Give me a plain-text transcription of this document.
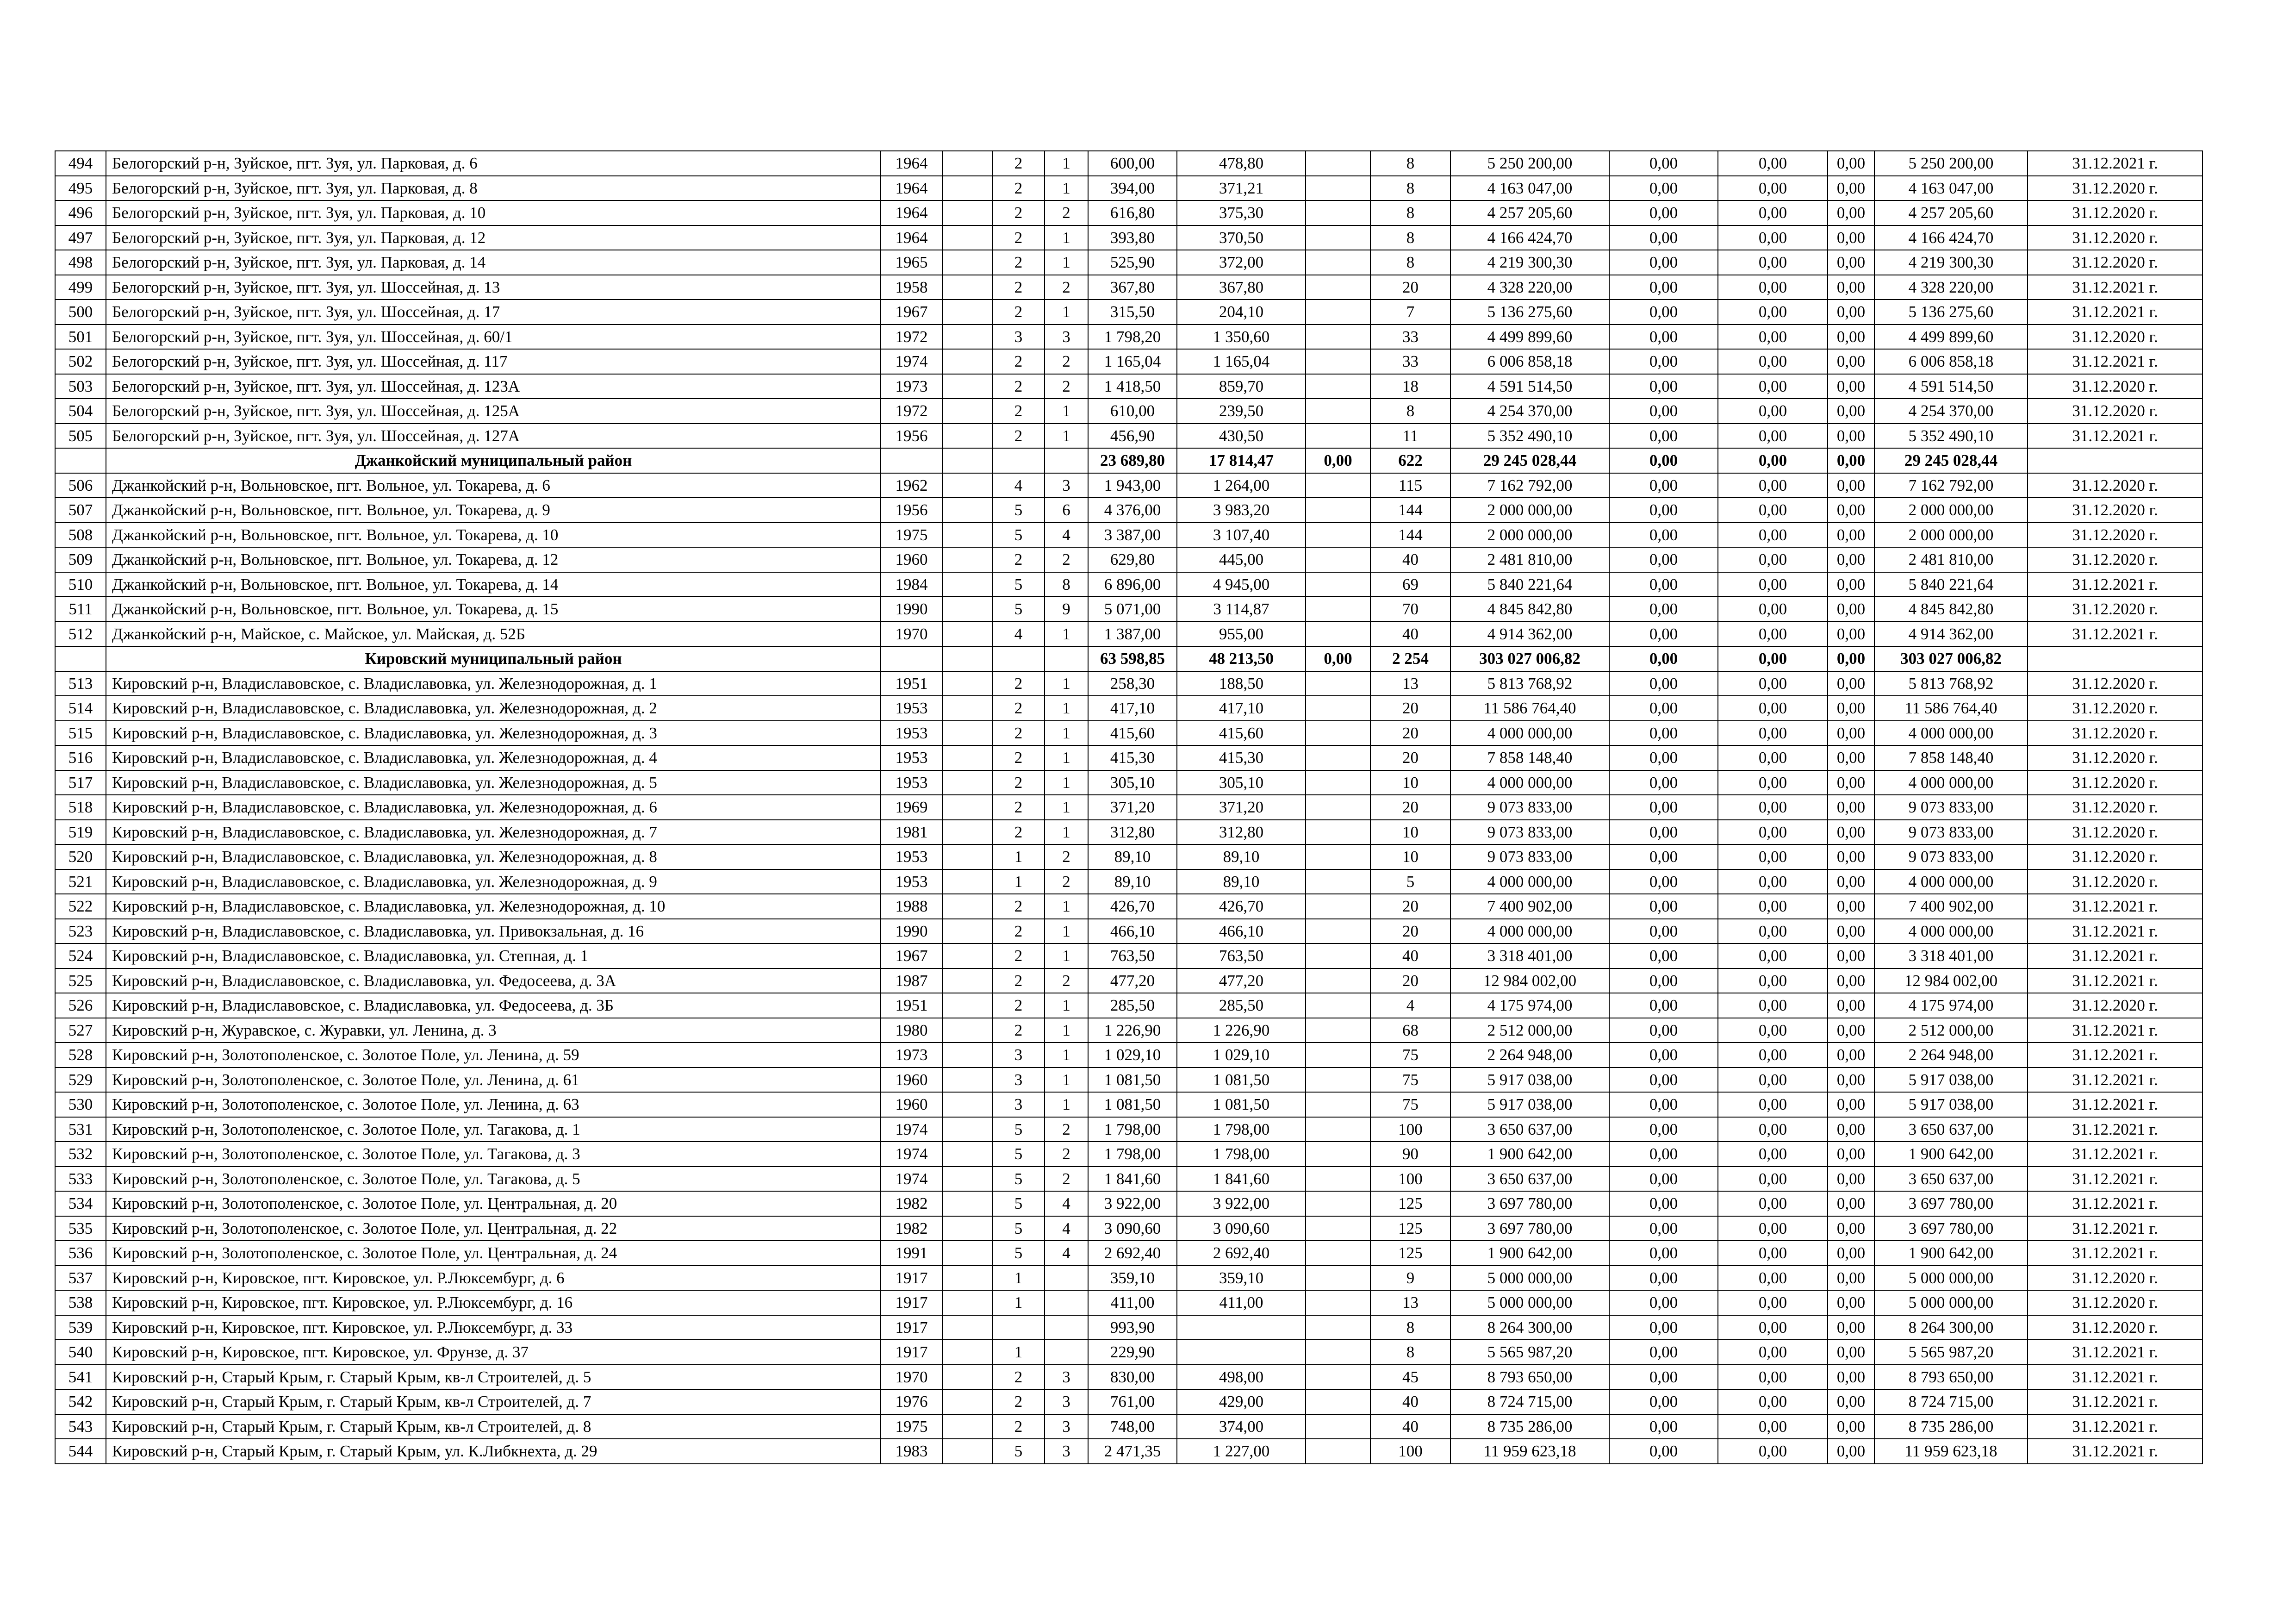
494	Белогорский р-н, Зуйское, пгт. Зуя, ул. Парковая, д. 6	1964		2	1	600,00	478,80		8	5 250 200,00	0,00	0,00	0,00	5 250 200,00	31.12.2021 г.
495	Белогорский р-н, Зуйское, пгт. Зуя, ул. Парковая, д. 8	1964		2	1	394,00	371,21		8	4 163 047,00	0,00	0,00	0,00	4 163 047,00	31.12.2020 г.
496	Белогорский р-н, Зуйское, пгт. Зуя, ул. Парковая, д. 10	1964		2	2	616,80	375,30		8	4 257 205,60	0,00	0,00	0,00	4 257 205,60	31.12.2020 г.
497	Белогорский р-н, Зуйское, пгт. Зуя, ул. Парковая, д. 12	1964		2	1	393,80	370,50		8	4 166 424,70	0,00	0,00	0,00	4 166 424,70	31.12.2020 г.
498	Белогорский р-н, Зуйское, пгт. Зуя, ул. Парковая, д. 14	1965		2	1	525,90	372,00		8	4 219 300,30	0,00	0,00	0,00	4 219 300,30	31.12.2020 г.
499	Белогорский р-н, Зуйское, пгт. Зуя, ул. Шоссейная, д. 13	1958		2	2	367,80	367,80		20	4 328 220,00	0,00	0,00	0,00	4 328 220,00	31.12.2021 г.
500	Белогорский р-н, Зуйское, пгт. Зуя, ул. Шоссейная, д. 17	1967		2	1	315,50	204,10		7	5 136 275,60	0,00	0,00	0,00	5 136 275,60	31.12.2021 г.
501	Белогорский р-н, Зуйское, пгт. Зуя, ул. Шоссейная, д. 60/1	1972		3	3	1 798,20	1 350,60		33	4 499 899,60	0,00	0,00	0,00	4 499 899,60	31.12.2020 г.
502	Белогорский р-н, Зуйское, пгт. Зуя, ул. Шоссейная, д. 117	1974		2	2	1 165,04	1 165,04		33	6 006 858,18	0,00	0,00	0,00	6 006 858,18	31.12.2021 г.
503	Белогорский р-н, Зуйское, пгт. Зуя, ул. Шоссейная, д. 123А	1973		2	2	1 418,50	859,70		18	4 591 514,50	0,00	0,00	0,00	4 591 514,50	31.12.2020 г.
504	Белогорский р-н, Зуйское, пгт. Зуя, ул. Шоссейная, д. 125А	1972		2	1	610,00	239,50		8	4 254 370,00	0,00	0,00	0,00	4 254 370,00	31.12.2020 г.
505	Белогорский р-н, Зуйское, пгт. Зуя, ул. Шоссейная, д. 127А	1956		2	1	456,90	430,50		11	5 352 490,10	0,00	0,00	0,00	5 352 490,10	31.12.2021 г.
	Джанкойский муниципальный район					23 689,80	17 814,47	0,00	622	29 245 028,44	0,00	0,00	0,00	29 245 028,44	
506	Джанкойский р-н, Вольновское, пгт. Вольное, ул. Токарева, д. 6	1962		4	3	1 943,00	1 264,00		115	7 162 792,00	0,00	0,00	0,00	7 162 792,00	31.12.2020 г.
507	Джанкойский р-н, Вольновское, пгт. Вольное, ул. Токарева, д. 9	1956		5	6	4 376,00	3 983,20		144	2 000 000,00	0,00	0,00	0,00	2 000 000,00	31.12.2020 г.
508	Джанкойский р-н, Вольновское, пгт. Вольное, ул. Токарева, д. 10	1975		5	4	3 387,00	3 107,40		144	2 000 000,00	0,00	0,00	0,00	2 000 000,00	31.12.2020 г.
509	Джанкойский р-н, Вольновское, пгт. Вольное, ул. Токарева, д. 12	1960		2	2	629,80	445,00		40	2 481 810,00	0,00	0,00	0,00	2 481 810,00	31.12.2020 г.
510	Джанкойский р-н, Вольновское, пгт. Вольное, ул. Токарева, д. 14	1984		5	8	6 896,00	4 945,00		69	5 840 221,64	0,00	0,00	0,00	5 840 221,64	31.12.2021 г.
511	Джанкойский р-н, Вольновское, пгт. Вольное, ул. Токарева, д. 15	1990		5	9	5 071,00	3 114,87		70	4 845 842,80	0,00	0,00	0,00	4 845 842,80	31.12.2020 г.
512	Джанкойский р-н, Майское, с. Майское, ул. Майская, д. 52Б	1970		4	1	1 387,00	955,00		40	4 914 362,00	0,00	0,00	0,00	4 914 362,00	31.12.2021 г.
	Кировский муниципальный район					63 598,85	48 213,50	0,00	2 254	303 027 006,82	0,00	0,00	0,00	303 027 006,82	
513	Кировский р-н, Владиславовское, с. Владиславовка, ул. Железнодорожная, д. 1	1951		2	1	258,30	188,50		13	5 813 768,92	0,00	0,00	0,00	5 813 768,92	31.12.2020 г.
514	Кировский р-н, Владиславовское, с. Владиславовка, ул. Железнодорожная, д. 2	1953		2	1	417,10	417,10		20	11 586 764,40	0,00	0,00	0,00	11 586 764,40	31.12.2020 г.
515	Кировский р-н, Владиславовское, с. Владиславовка, ул. Железнодорожная, д. 3	1953		2	1	415,60	415,60		20	4 000 000,00	0,00	0,00	0,00	4 000 000,00	31.12.2020 г.
516	Кировский р-н, Владиславовское, с. Владиславовка, ул. Железнодорожная, д. 4	1953		2	1	415,30	415,30		20	7 858 148,40	0,00	0,00	0,00	7 858 148,40	31.12.2020 г.
517	Кировский р-н, Владиславовское, с. Владиславовка, ул. Железнодорожная, д. 5	1953		2	1	305,10	305,10		10	4 000 000,00	0,00	0,00	0,00	4 000 000,00	31.12.2020 г.
518	Кировский р-н, Владиславовское, с. Владиславовка, ул. Железнодорожная, д. 6	1969		2	1	371,20	371,20		20	9 073 833,00	0,00	0,00	0,00	9 073 833,00	31.12.2020 г.
519	Кировский р-н, Владиславовское, с. Владиславовка, ул. Железнодорожная, д. 7	1981		2	1	312,80	312,80		10	9 073 833,00	0,00	0,00	0,00	9 073 833,00	31.12.2020 г.
520	Кировский р-н, Владиславовское, с. Владиславовка, ул. Железнодорожная, д. 8	1953		1	2	89,10	89,10		10	9 073 833,00	0,00	0,00	0,00	9 073 833,00	31.12.2020 г.
521	Кировский р-н, Владиславовское, с. Владиславовка, ул. Железнодорожная, д. 9	1953		1	2	89,10	89,10		5	4 000 000,00	0,00	0,00	0,00	4 000 000,00	31.12.2020 г.
522	Кировский р-н, Владиславовское, с. Владиславовка, ул. Железнодорожная, д. 10	1988		2	1	426,70	426,70		20	7 400 902,00	0,00	0,00	0,00	7 400 902,00	31.12.2021 г.
523	Кировский р-н, Владиславовское, с. Владиславовка, ул. Привокзальная, д. 16	1990		2	1	466,10	466,10		20	4 000 000,00	0,00	0,00	0,00	4 000 000,00	31.12.2021 г.
524	Кировский р-н, Владиславовское, с. Владиславовка, ул. Степная, д. 1	1967		2	1	763,50	763,50		40	3 318 401,00	0,00	0,00	0,00	3 318 401,00	31.12.2021 г.
525	Кировский р-н, Владиславовское, с. Владиславовка, ул. Федосеева, д. 3А	1987		2	2	477,20	477,20		20	12 984 002,00	0,00	0,00	0,00	12 984 002,00	31.12.2021 г.
526	Кировский р-н, Владиславовское, с. Владиславовка, ул. Федосеева, д. 3Б	1951		2	1	285,50	285,50		4	4 175 974,00	0,00	0,00	0,00	4 175 974,00	31.12.2020 г.
527	Кировский р-н, Журавское, с. Журавки, ул. Ленина, д. 3	1980		2	1	1 226,90	1 226,90		68	2 512 000,00	0,00	0,00	0,00	2 512 000,00	31.12.2021 г.
528	Кировский р-н, Золотополенское, с. Золотое Поле, ул. Ленина, д. 59	1973		3	1	1 029,10	1 029,10		75	2 264 948,00	0,00	0,00	0,00	2 264 948,00	31.12.2021 г.
529	Кировский р-н, Золотополенское, с. Золотое Поле, ул. Ленина, д. 61	1960		3	1	1 081,50	1 081,50		75	5 917 038,00	0,00	0,00	0,00	5 917 038,00	31.12.2021 г.
530	Кировский р-н, Золотополенское, с. Золотое Поле, ул. Ленина, д. 63	1960		3	1	1 081,50	1 081,50		75	5 917 038,00	0,00	0,00	0,00	5 917 038,00	31.12.2021 г.
531	Кировский р-н, Золотополенское, с. Золотое Поле, ул. Тагакова, д. 1	1974		5	2	1 798,00	1 798,00		100	3 650 637,00	0,00	0,00	0,00	3 650 637,00	31.12.2021 г.
532	Кировский р-н, Золотополенское, с. Золотое Поле, ул. Тагакова, д. 3	1974		5	2	1 798,00	1 798,00		90	1 900 642,00	0,00	0,00	0,00	1 900 642,00	31.12.2021 г.
533	Кировский р-н, Золотополенское, с. Золотое Поле, ул. Тагакова, д. 5	1974		5	2	1 841,60	1 841,60		100	3 650 637,00	0,00	0,00	0,00	3 650 637,00	31.12.2021 г.
534	Кировский р-н, Золотополенское, с. Золотое Поле, ул. Центральная, д. 20	1982		5	4	3 922,00	3 922,00		125	3 697 780,00	0,00	0,00	0,00	3 697 780,00	31.12.2021 г.
535	Кировский р-н, Золотополенское, с. Золотое Поле, ул. Центральная, д. 22	1982		5	4	3 090,60	3 090,60		125	3 697 780,00	0,00	0,00	0,00	3 697 780,00	31.12.2021 г.
536	Кировский р-н, Золотополенское, с. Золотое Поле, ул. Центральная, д. 24	1991		5	4	2 692,40	2 692,40		125	1 900 642,00	0,00	0,00	0,00	1 900 642,00	31.12.2021 г.
537	Кировский р-н, Кировское, пгт. Кировское, ул. Р.Люксембург, д. 6	1917		1		359,10	359,10		9	5 000 000,00	0,00	0,00	0,00	5 000 000,00	31.12.2020 г.
538	Кировский р-н, Кировское, пгт. Кировское, ул. Р.Люксембург, д. 16	1917		1		411,00	411,00		13	5 000 000,00	0,00	0,00	0,00	5 000 000,00	31.12.2020 г.
539	Кировский р-н, Кировское, пгт. Кировское, ул. Р.Люксембург, д. 33	1917				993,90			8	8 264 300,00	0,00	0,00	0,00	8 264 300,00	31.12.2020 г.
540	Кировский р-н, Кировское, пгт. Кировское, ул. Фрунзе, д. 37	1917		1		229,90			8	5 565 987,20	0,00	0,00	0,00	5 565 987,20	31.12.2021 г.
541	Кировский р-н, Старый Крым, г. Старый Крым, кв-л Строителей, д. 5	1970		2	3	830,00	498,00		45	8 793 650,00	0,00	0,00	0,00	8 793 650,00	31.12.2021 г.
542	Кировский р-н, Старый Крым, г. Старый Крым, кв-л Строителей, д. 7	1976		2	3	761,00	429,00		40	8 724 715,00	0,00	0,00	0,00	8 724 715,00	31.12.2021 г.
543	Кировский р-н, Старый Крым, г. Старый Крым, кв-л Строителей, д. 8	1975		2	3	748,00	374,00		40	8 735 286,00	0,00	0,00	0,00	8 735 286,00	31.12.2021 г.
544	Кировский р-н, Старый Крым, г. Старый Крым, ул. К.Либкнехта, д. 29	1983		5	3	2 471,35	1 227,00		100	11 959 623,18	0,00	0,00	0,00	11 959 623,18	31.12.2021 г.
